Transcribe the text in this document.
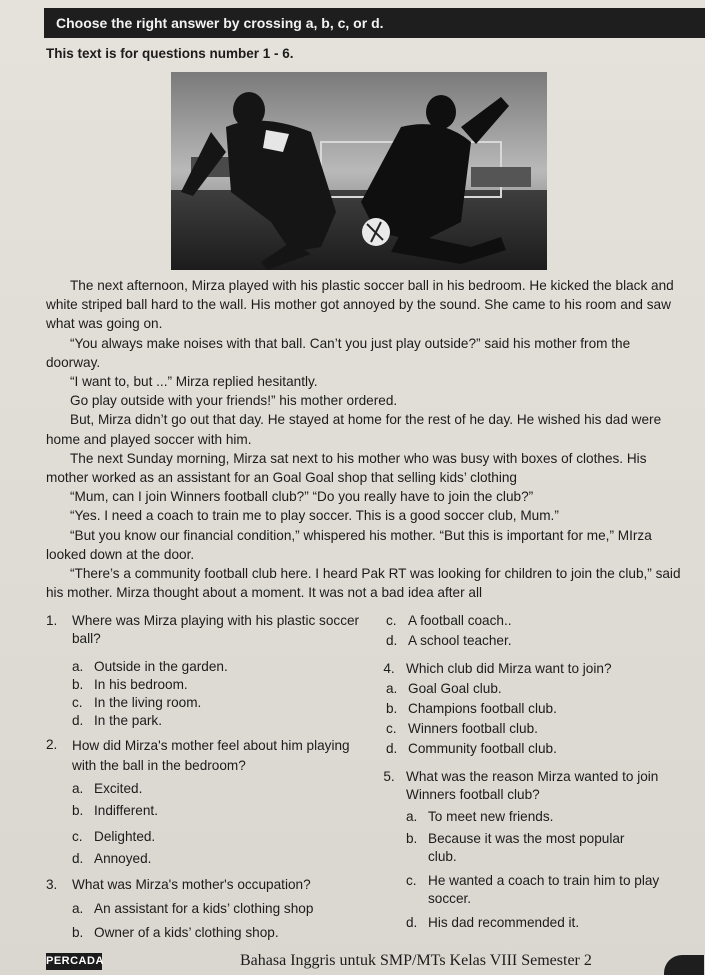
Choose the right answer by crossing a, b, c, or d.
This text is for questions number 1 - 6.

The next afternoon, Mirza played with his plastic soccer ball in his bedroom. He kicked the black and white striped ball hard to the wall. His mother got annoyed by the sound. She came to his room and saw what was going on.

“You always make noises with that ball. Can’t you just play outside?” said his mother from the doorway.

“I want to, but ...” Mirza replied hesitantly.

Go play outside with your friends!” his mother ordered.

But, Mirza didn’t go out that day. He stayed at home for the rest of he day. He wished his dad were home and played soccer with him.

The next Sunday morning, Mirza sat next to his mother who was busy with boxes of clothes. His mother worked as an assistant for an Goal Goal shop that selling kids’ clothing

“Mum, can I join Winners football club?” “Do you really have to join the club?”

“Yes. I need a coach to train me to play soccer. This is a good soccer club, Mum.”

“But you know our financial condition,” whispered his mother. “But this is important for me,” MIrza looked down at the door.

“There’s a community football club here. I heard Pak RT was looking for children to join the club,” said his mother. Mirza thought about a moment. It was not a bad idea after all

1.	Where was Mirza playing with his plastic soccer ball?

a. Outside in the garden.

b. In his bedroom.

c. In the living room.

d. In the park.

2.	How did Mirza's mother feel about him playing with the ball in the bedroom?

a. Excited.

b. Indifferent.

c. Delighted.

d. Annoyed.

3.	What was Mirza's mother's occupation?

a. An assistant for a kids’ clothing shop

b. Owner of a kids’ clothing shop.

c. A football coach..

d. A school teacher.

4. Which club did Mirza want to join?

a. Goal Goal club.

b. Champions football club.

c. Winners football club.

d. Community football club.

5. What was the reason Mirza wanted to join

Winners football club?

a. To meet new friends.

b. Because it was the most popular

club.

c. He wanted a coach to train him to play

soccer.

d. His dad recommended it.

PERCADA	Bahasa Inggris untuk SMP/MTs Kelas VIII Semester 2
